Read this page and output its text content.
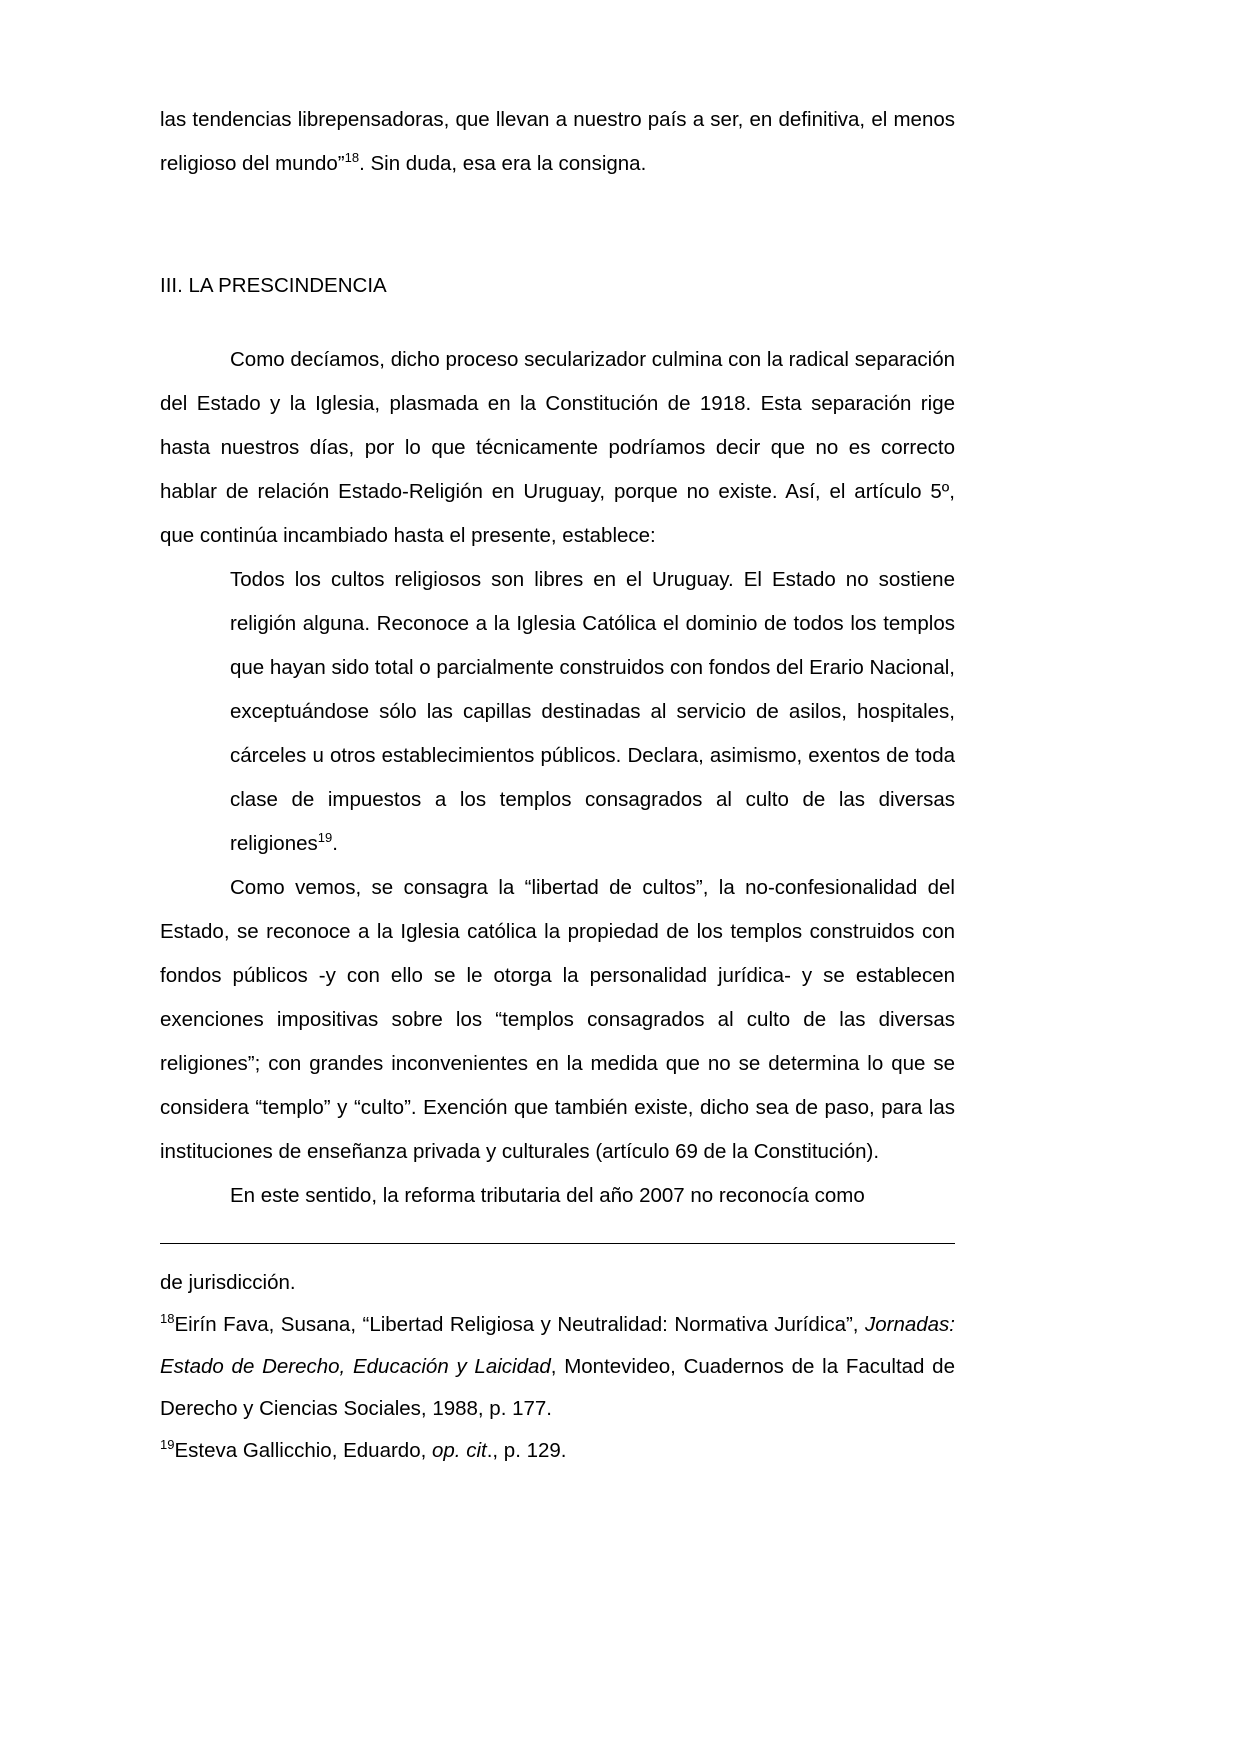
las tendencias librepensadoras, que llevan a nuestro país a ser, en definitiva, el menos religioso del mundo”$^{18}$. Sin duda, esa era la consigna.

III. LA PRESCINDENCIA

Como decíamos, dicho proceso secularizador culmina con la radical separación del Estado y la Iglesia, plasmada en la Constitución de 1918. Esta separación rige hasta nuestros días, por lo que técnicamente podríamos decir que no es correcto hablar de relación Estado-Religión en Uruguay, porque no existe. Así, el artículo 5º, que continúa incambiado hasta el presente, establece:

Todos los cultos religiosos son libres en el Uruguay. El Estado no sostiene religión alguna. Reconoce a la Iglesia Católica el dominio de todos los templos que hayan sido total o parcialmente construidos con fondos del Erario Nacional, exceptuándose sólo las capillas destinadas al servicio de asilos, hospitales, cárceles u otros establecimientos públicos. Declara, asimismo, exentos de toda clase de impuestos a los templos consagrados al culto de las diversas religiones$^{19}$.

Como vemos, se consagra la “libertad de cultos”, la no-confesionalidad del Estado, se reconoce a la Iglesia católica la propiedad de los templos construidos con fondos públicos -y con ello se le otorga la personalidad jurídica- y se establecen exenciones impositivas sobre los “templos consagrados al culto de las diversas religiones”; con grandes inconvenientes en la medida que no se determina lo que se considera “templo” y “culto”. Exención que también existe, dicho sea de paso, para las instituciones de enseñanza privada y culturales (artículo 69 de la Constitución).

En este sentido, la reforma tributaria del año 2007 no reconocía como

de jurisdicción.

$^{18}$Eirín Fava, Susana, “Libertad Religiosa y Neutralidad: Normativa Jurídica”, Jornadas: Estado de Derecho, Educación y Laicidad, Montevideo, Cuadernos de la Facultad de Derecho y Ciencias Sociales, 1988, p. 177.

$^{19}$Esteva Gallicchio, Eduardo, op. cit., p. 129.
